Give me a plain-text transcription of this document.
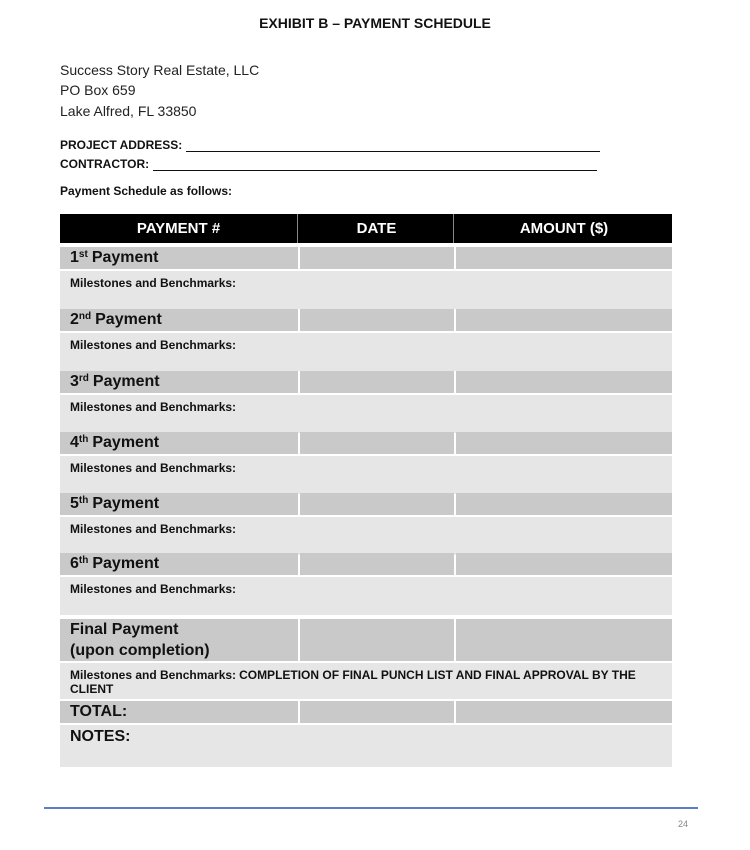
EXHIBIT B – PAYMENT SCHEDULE
Success Story Real Estate, LLC
PO Box 659
Lake Alfred, FL 33850
PROJECT ADDRESS:
CONTRACTOR:
Payment Schedule as follows:
PAYMENT #	DATE	AMOUNT ($)
1st Payment
Milestones and Benchmarks:
2nd Payment
Milestones and Benchmarks:
3rd Payment
Milestones and Benchmarks:
4th Payment
Milestones and Benchmarks:
5th Payment
Milestones and Benchmarks:
6th Payment
Milestones and Benchmarks:
Final Payment
(upon completion)
Milestones and Benchmarks: COMPLETION OF FINAL PUNCH LIST AND FINAL APPROVAL BY THE CLIENT
TOTAL:
NOTES:
24
